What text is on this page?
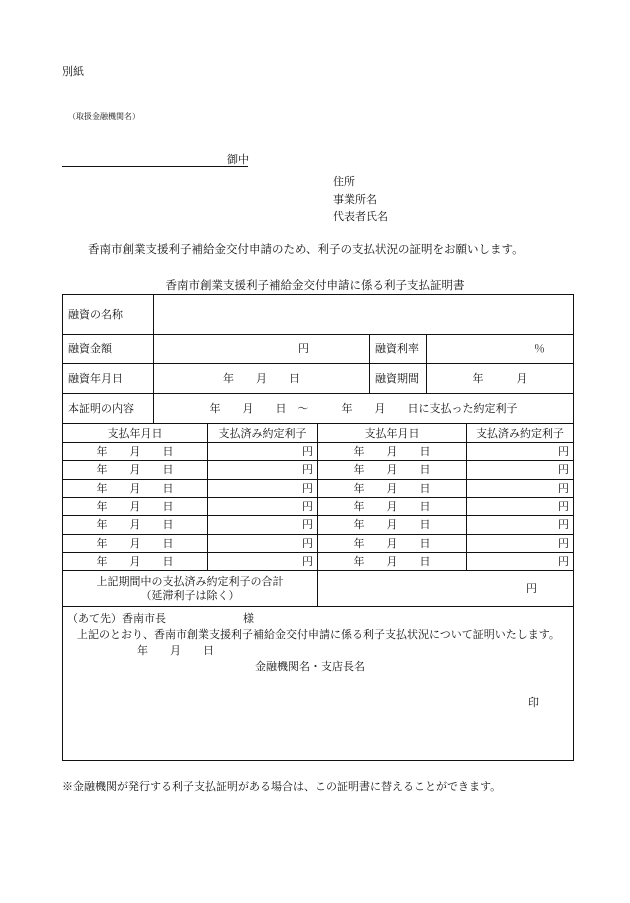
別紙
（取扱金融機関名）
御中
住所
事業所名
代表者氏名
香南市創業支援利子補給金交付申請のため、利子の支払状況の証明をお願いします。
香南市創業支援利子補給金交付申請に係る利子支払証明書
融資の名称						
融資金額	円			融資利率	％	
融資年月日	年　　月　　日			融資期間	年　　　月	
本証明の内容	年　　月　　日　～　　　年　　月　　日に支払った約定利子					
支払年月日		支払済み約定利子	支払年月日			支払済み約定利子
年　　月　　日		円	年　　月　　日			円
年　　月　　日		円	年　　月　　日			円
年　　月　　日		円	年　　月　　日			円
年　　月　　日		円	年　　月　　日			円
年　　月　　日		円	年　　月　　日			円
年　　月　　日		円	年　　月　　日			円
年　　月　　日		円	年　　月　　日			円

上記期間中の支払済み約定利子の合計
（延滞利子は除く）			円			

（あて先）香南市長　　　　　　　様
上記のとおり、香南市創業支援利子補給金交付申請に係る利子支払状況について証明いたします。
年　　月　　日
金融機関名・支店長名
印						
※金融機関が発行する利子支払証明がある場合は、この証明書に替えることができます。
